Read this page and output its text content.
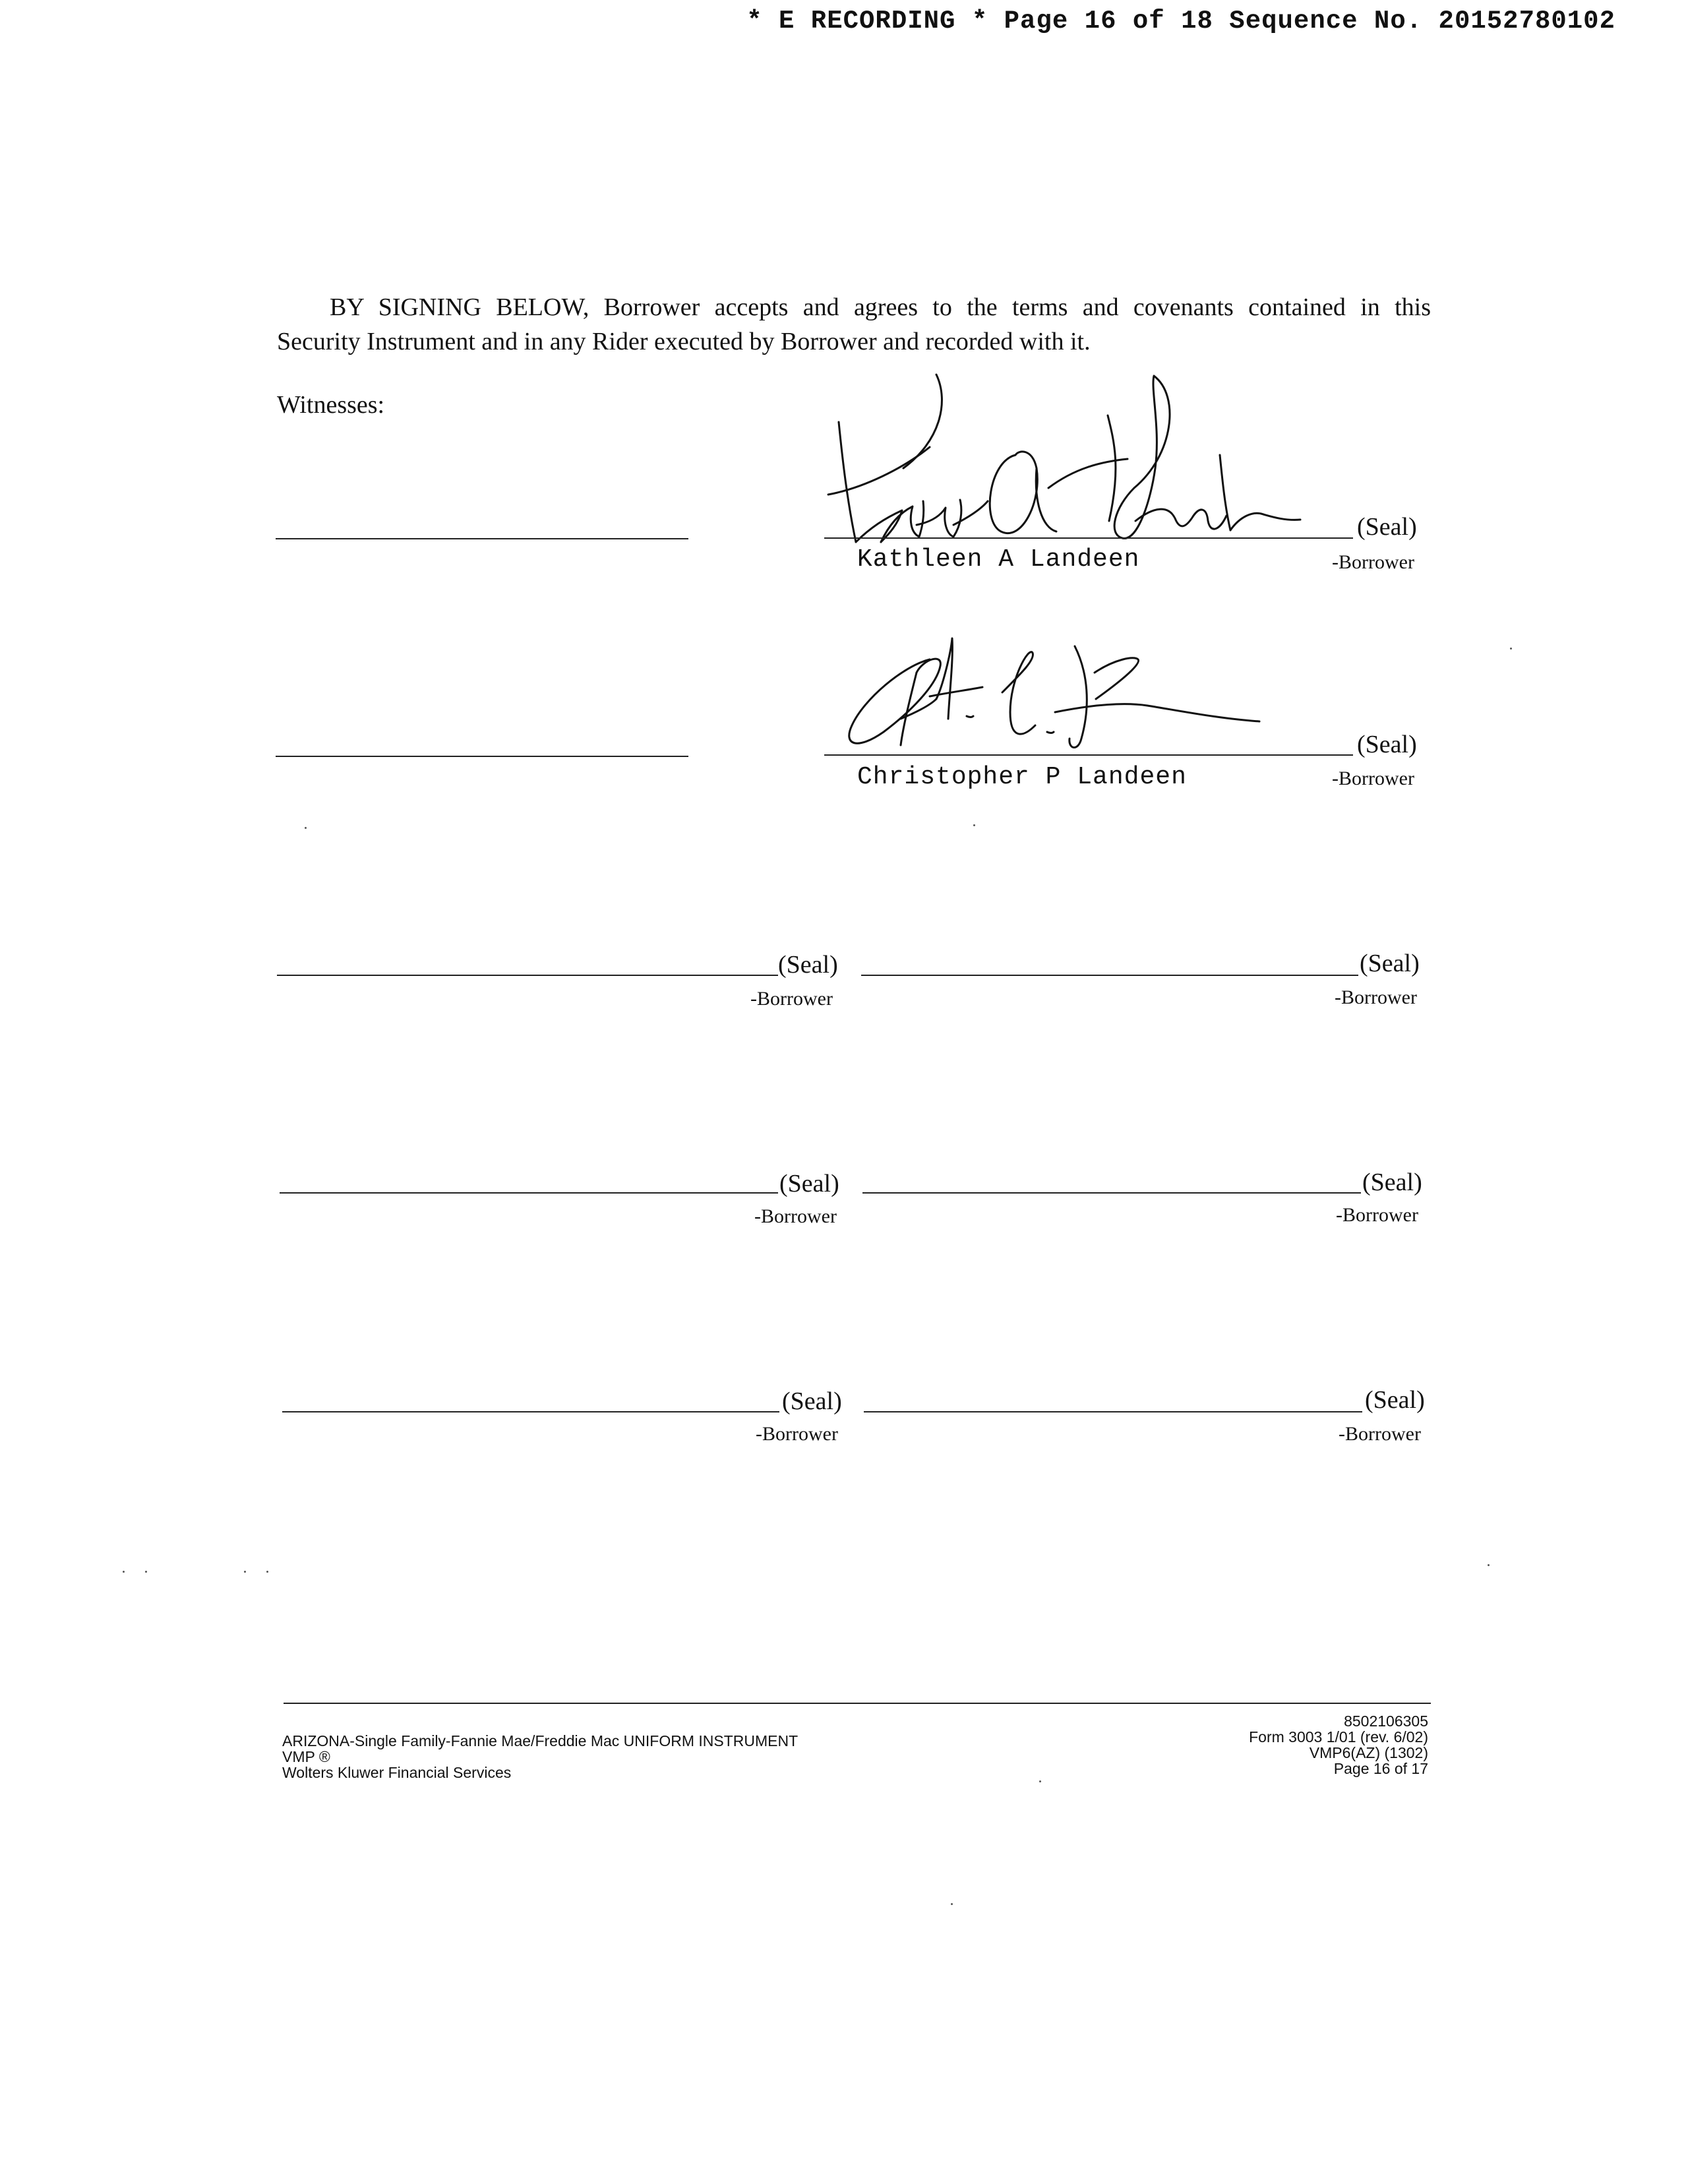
* E RECORDING * Page 16 of 18 Sequence No. 20152780102
BY SIGNING BELOW, Borrower accepts and agrees to the terms and covenants contained in this
Security Instrument and in any Rider executed by Borrower and recorded with it.
Witnesses:
(Seal)
Kathleen A Landeen	-Borrower
(Seal)
Christopher P Landeen	-Borrower
(Seal)
-Borrower
(Seal)
-Borrower
(Seal)
-Borrower
(Seal)
-Borrower
(Seal)
-Borrower
(Seal)
-Borrower
ARIZONA-Single Family-Fannie Mae/Freddie Mac UNIFORM INSTRUMENT
VMP ®
Wolters Kluwer Financial Services
8502106305
Form 3003 1/01 (rev. 6/02)
VMP6(AZ) (1302)
Page 16 of 17
